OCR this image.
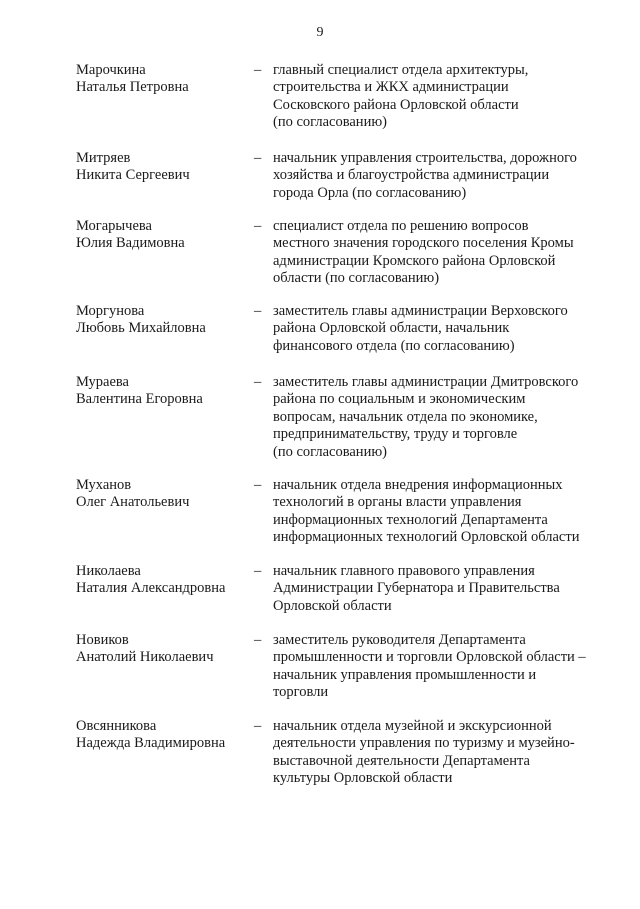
9
Марочкина
Наталья Петровна
– главный специалист отдела архитектуры,
строительства и ЖКХ администрации
Сосковского района Орловской области
(по согласованию)
Митряев
Никита Сергеевич
– начальник управления строительства, дорожного
хозяйства и благоустройства администрации
города Орла (по согласованию)
Могарычева
Юлия Вадимовна
– специалист отдела по решению вопросов
местного значения городского поселения Кромы
администрации Кромского района Орловской
области (по согласованию)
Моргунова
Любовь Михайловна
– заместитель главы администрации Верховского
района Орловской области, начальник
финансового отдела (по согласованию)
Мураева
Валентина Егоровна
– заместитель главы администрации Дмитровского
района по социальным и экономическим
вопросам, начальник отдела по экономике,
предпринимательству, труду и торговле
(по согласованию)
Муханов
Олег Анатольевич
– начальник отдела внедрения информационных
технологий в органы власти управления
информационных технологий Департамента
информационных технологий Орловской области
Николаева
Наталия Александровна
– начальник главного правового управления
Администрации Губернатора и Правительства
Орловской области
Новиков
Анатолий Николаевич
– заместитель руководителя Департамента
промышленности и торговли Орловской области –
начальник управления промышленности и
торговли
Овсянникова
Надежда Владимировна
– начальник отдела музейной и экскурсионной
деятельности управления по туризму и музейно-
выставочной деятельности Департамента
культуры Орловской области
